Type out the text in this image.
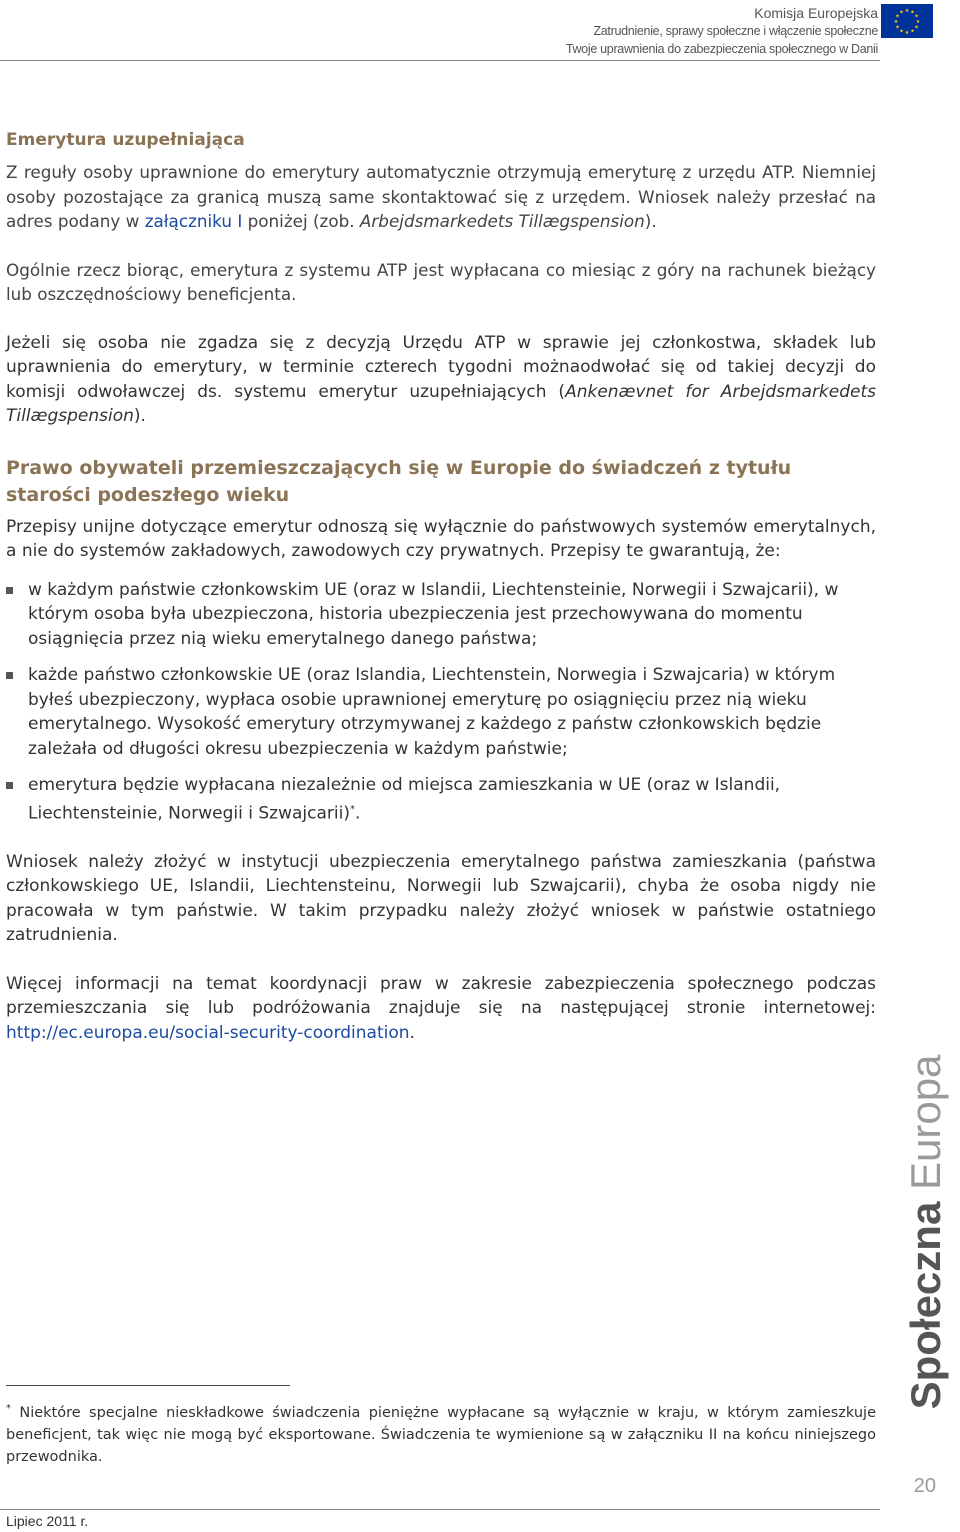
Komisja Europejska
Zatrudnienie, sprawy społeczne i włączenie społeczne
Twoje uprawnienia do zabezpieczenia społecznego w Danii
★ ★
★
★
★
★
★
★
★
★
★
★
Emerytura uzupełniająca

Z reguły osoby uprawnione do emerytury automatycznie otrzymują emeryturę z urzędu ATP. Niemniej osoby pozostające za granicą muszą same skontaktować się z urzędem. Wniosek należy przesłać na adres podany w załączniku I poniżej (zob. Arbejdsmarkedets Tillægspension).

Ogólnie rzecz biorąc, emerytura z systemu ATP jest wypłacana co miesiąc z góry na rachunek bieżący lub oszczędnościowy beneficjenta.

Jeżeli się osoba nie zgadza się z decyzją Urzędu ATP w sprawie jej członkostwa, składek lub uprawnienia do emerytury, w terminie czterech tygodni możnaodwołać się od takiej decyzji do komisji odwoławczej ds. systemu emerytur uzupełniających (Ankenævnet for Arbejdsmarkedets Tillægspension).

Prawo obywateli przemieszczających się w Europie do świadczeń z tytułu starości podeszłego wieku

Przepisy unijne dotyczące emerytur odnoszą się wyłącznie do państwowych systemów emerytalnych, a nie do systemów zakładowych, zawodowych czy prywatnych. Przepisy te gwarantują, że:

w każdym państwie członkowskim UE (oraz w Islandii, Liechtensteinie, Norwegii i Szwajcarii), w którym osoba była ubezpieczona, historia ubezpieczenia jest przechowywana do momentu osiągnięcia przez nią wieku emerytalnego danego państwa;
każde państwo członkowskie UE (oraz Islandia, Liechtenstein, Norwegia i Szwajcaria) w którym byłeś ubezpieczony, wypłaca osobie uprawnionej emeryturę po osiągnięciu przez nią wieku emerytalnego. Wysokość emerytury otrzymywanej z każdego z państw członkowskich będzie zależała od długości okresu ubezpieczenia w każdym państwie;
emerytura będzie wypłacana niezależnie od miejsca zamieszkania w UE (oraz w Islandii, Liechtensteinie, Norwegii i Szwajcarii)*.

Wniosek należy złożyć w instytucji ubezpieczenia emerytalnego państwa zamieszkania (państwa członkowskiego UE, Islandii, Liechtensteinu, Norwegii lub Szwajcarii), chyba że osoba nigdy nie pracowała w tym państwie. W takim przypadku należy złożyć wniosek w państwie ostatniego zatrudnienia.

Więcej informacji na temat koordynacji praw w zakresie zabezpieczenia społecznego podczas przemieszczania się lub podróżowania znajduje się na następującej stronie internetowej: http://ec.europa.eu/social-security-coordination.

Społeczna Europa
* Niektóre specjalne nieskładkowe świadczenia pieniężne wypłacane są wyłącznie w kraju, w którym zamieszkuje beneficjent, tak więc nie mogą być eksportowane. Świadczenia te wymienione są w załączniku II na końcu niniejszego przewodnika.
20
Lipiec 2011 r.
